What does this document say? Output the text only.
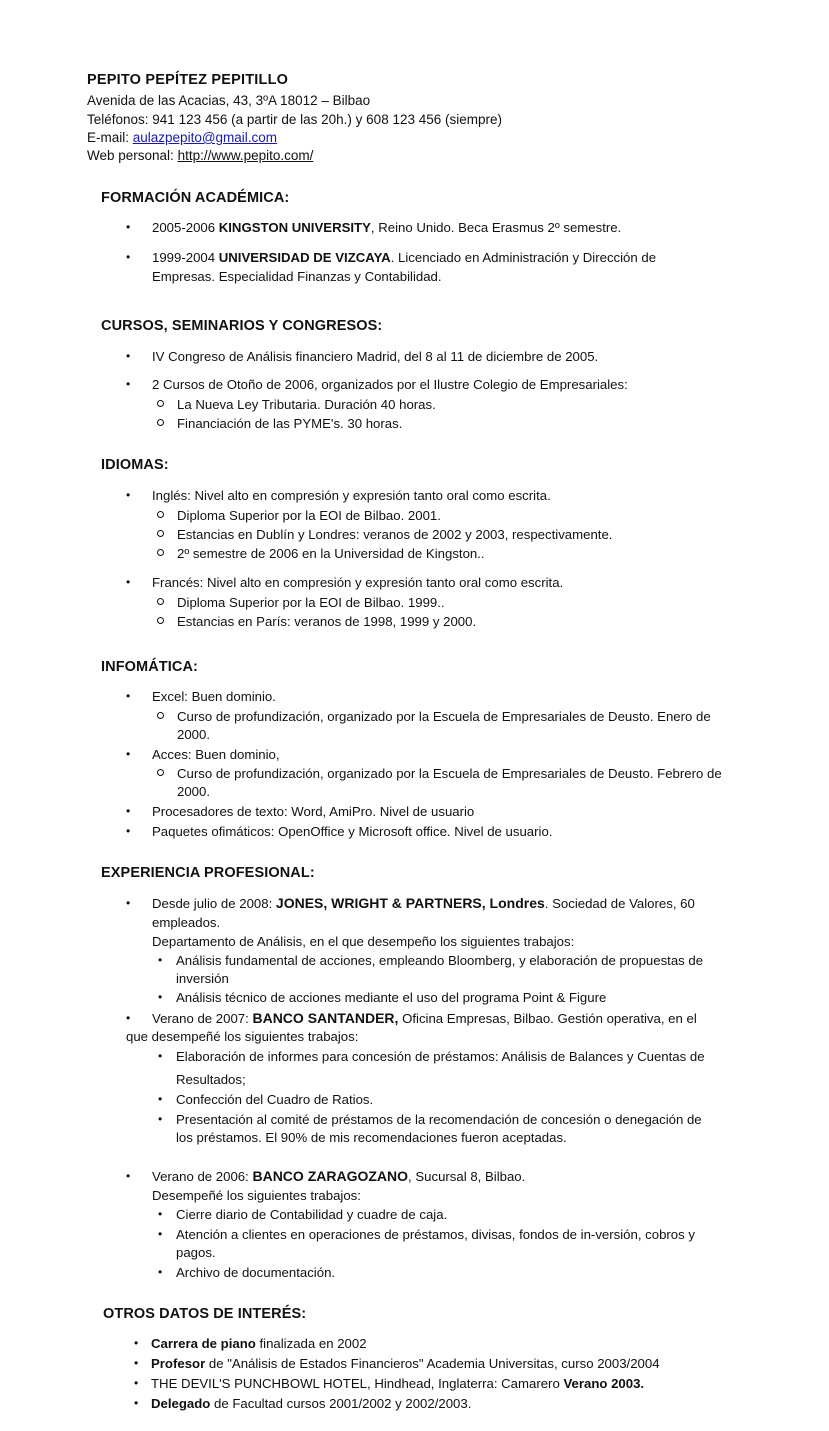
PEPITO PEPÍTEZ PEPITILLO
Avenida de las Acacias, 43, 3ºA 18012 – Bilbao
Teléfonos: 941 123 456 (a partir de las 20h.) y 608 123 456 (siempre)
E-mail: aulazpepito@gmail.com
Web personal: http://www.pepito.com/
FORMACIÓN ACADÉMICA:
• 2005-2006 KINGSTON UNIVERSITY, Reino Unido. Beca Erasmus 2º semestre.
• 1999-2004 UNIVERSIDAD DE VIZCAYA. Licenciado en Administración y Dirección de
Empresas. Especialidad Finanzas y Contabilidad.
CURSOS, SEMINARIOS Y CONGRESOS:
• IV Congreso de Análisis financiero Madrid, del 8 al 11 de diciembre de 2005.
• 2 Cursos de Otoño de 2006, organizados por el Ilustre Colegio de Empresariales:
La Nueva Ley Tributaria. Duración 40 horas.
Financiación de las PYME's. 30 horas.
IDIOMAS:
• Inglés: Nivel alto en compresión y expresión tanto oral como escrita.
Diploma Superior por la EOI de Bilbao. 2001.
Estancias en Dublín y Londres: veranos de 2002 y 2003, respectivamente.
2º semestre de 2006 en la Universidad de Kingston..
• Francés: Nivel alto en compresión y expresión tanto oral como escrita.
Diploma Superior por la EOI de Bilbao. 1999..
Estancias en París: veranos de 1998, 1999 y 2000.
INFOMÁTICA:
• Excel: Buen dominio.
Curso de profundización, organizado por la Escuela de Empresariales de Deusto. Enero de
2000.
• Acces: Buen dominio,
Curso de profundización, organizado por la Escuela de Empresariales de Deusto. Febrero de
2000.
• Procesadores de texto: Word, AmiPro. Nivel de usuario
• Paquetes ofimáticos: OpenOffice y Microsoft office. Nivel de usuario.
EXPERIENCIA PROFESIONAL:
• Desde julio de 2008: JONES, WRIGHT & PARTNERS, Londres. Sociedad de Valores, 60
empleados.
Departamento de Análisis, en el que desempeño los siguientes trabajos:
• Análisis fundamental de acciones, empleando Bloomberg, y elaboración de propuestas de
inversión
• Análisis técnico de acciones mediante el uso del programa Point & Figure
• Verano de 2007: BANCO SANTANDER, Oficina Empresas, Bilbao. Gestión operativa, en el
que desempeñé los siguientes trabajos:
• Elaboración de informes para concesión de préstamos: Análisis de Balances y Cuentas de
Resultados;
• Confección del Cuadro de Ratios.
• Presentación al comité de préstamos de la recomendación de concesión o denegación de
los préstamos. El 90% de mis recomendaciones fueron aceptadas.
• Verano de 2006: BANCO ZARAGOZANO, Sucursal 8, Bilbao.
Desempeñé los siguientes trabajos:
• Cierre diario de Contabilidad y cuadre de caja.
• Atención a clientes en operaciones de préstamos, divisas, fondos de in-versión, cobros y
pagos.
• Archivo de documentación.
OTROS DATOS DE INTERÉS:
• Carrera de piano finalizada en 2002
• Profesor de "Análisis de Estados Financieros" Academia Universitas, curso 2003/2004
• THE DEVIL'S PUNCHBOWL HOTEL, Hindhead, Inglaterra: Camarero Verano 2003.
• Delegado de Facultad cursos 2001/2002 y 2002/2003.
